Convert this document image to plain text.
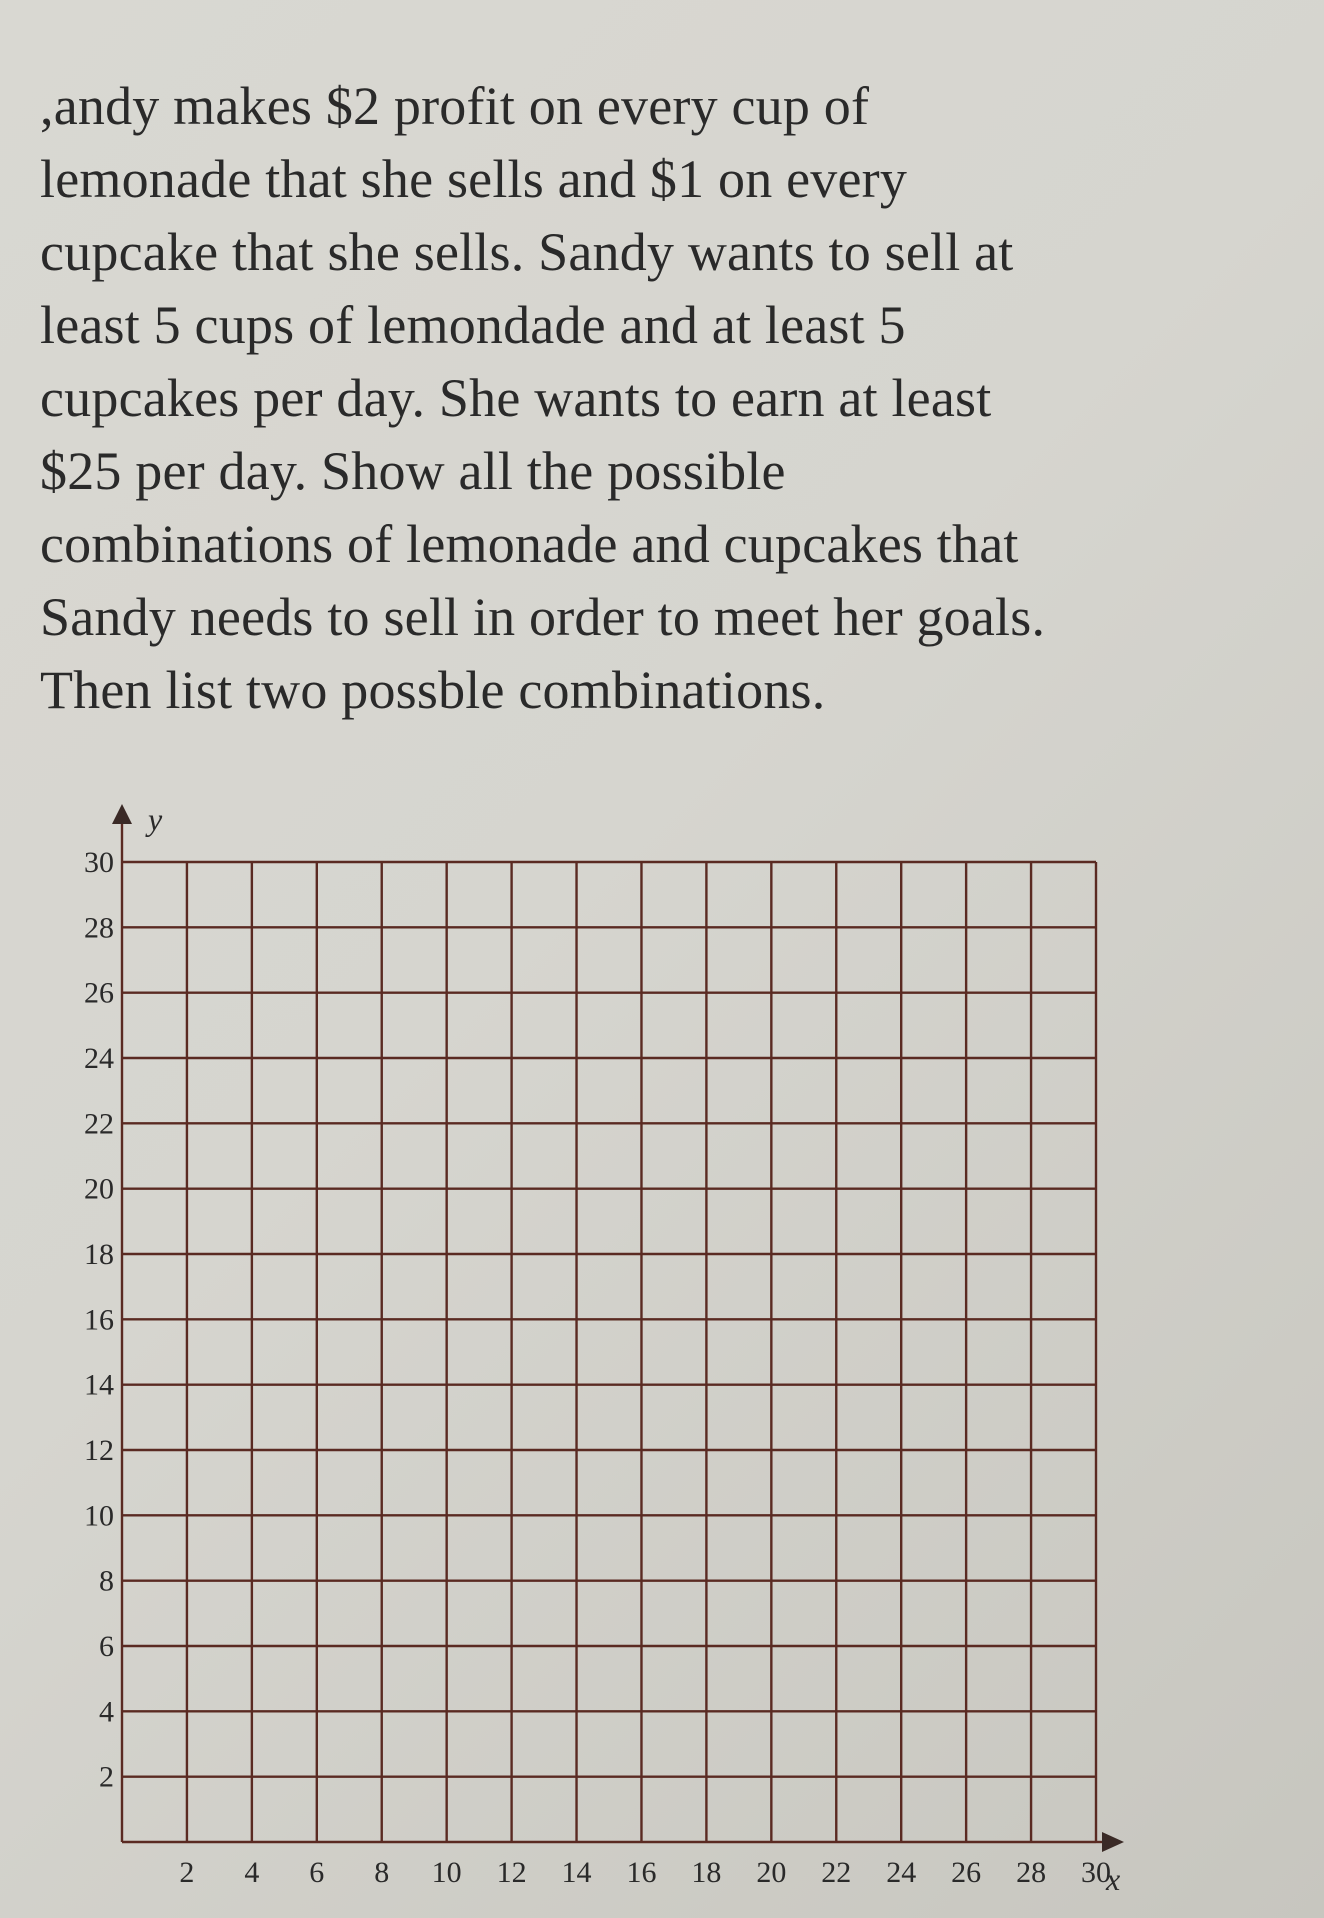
,andy makes $2 profit on every cup of
lemonade that she sells and $1 on every
cupcake that she sells. Sandy wants to sell at
least 5 cups of lemondade and at least 5
cupcakes per day. She wants to earn at least
$25 per day. Show all the possible
combinations of lemonade and cupcakes that
Sandy needs to sell in order to meet her goals.
Then list two possble combinations.
30
28
26
24
22
20
18
16
14
12
10
8
6
4
2
2 4 6 8 10 12 14 16 18 20 22 24 26 28 30
y
x
